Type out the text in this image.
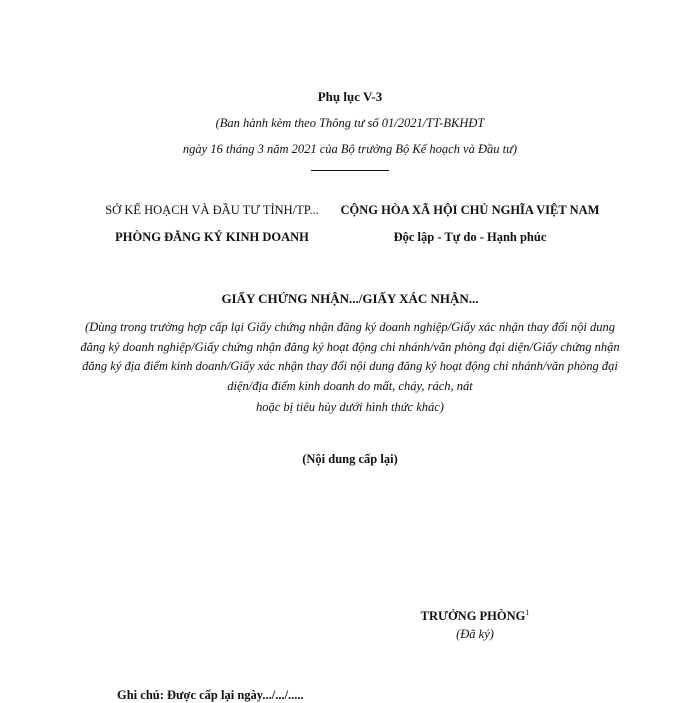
Phụ lục V-3
(Ban hành kèm theo Thông tư số 01/2021/TT-BKHĐT
ngày 16 tháng 3 năm 2021 của Bộ trưởng Bộ Kế hoạch và Đầu tư)
SỞ KẾ HOẠCH VÀ ĐẦU TƯ TỈNH/TP...
PHÒNG ĐĂNG KÝ KINH DOANH
CỘNG HÒA XÃ HỘI CHỦ NGHĨA VIỆT NAM
Độc lập - Tự do - Hạnh phúc
GIẤY CHỨNG NHẬN.../GIẤY XÁC NHẬN...
(Dùng trong trường hợp cấp lại Giấy chứng nhận đăng ký doanh nghiệp/Giấy xác nhận thay đổi nội dung đăng ký doanh nghiệp/Giấy chứng nhận đăng ký hoạt động chi nhánh/văn phòng đại diện/Giấy chứng nhận đăng ký địa điểm kinh doanh/Giấy xác nhận thay đổi nội dung đăng ký hoạt động chi nhánh/văn phòng đại diện/địa điểm kinh doanh do mất, cháy, rách, nát
hoặc bị tiêu hủy dưới hình thức khác)
(Nội dung cấp lại)
TRƯỞNG PHÒNG$^1$
(Đã ký)
Ghi chú: Được cấp lại ngày.../.../.....
